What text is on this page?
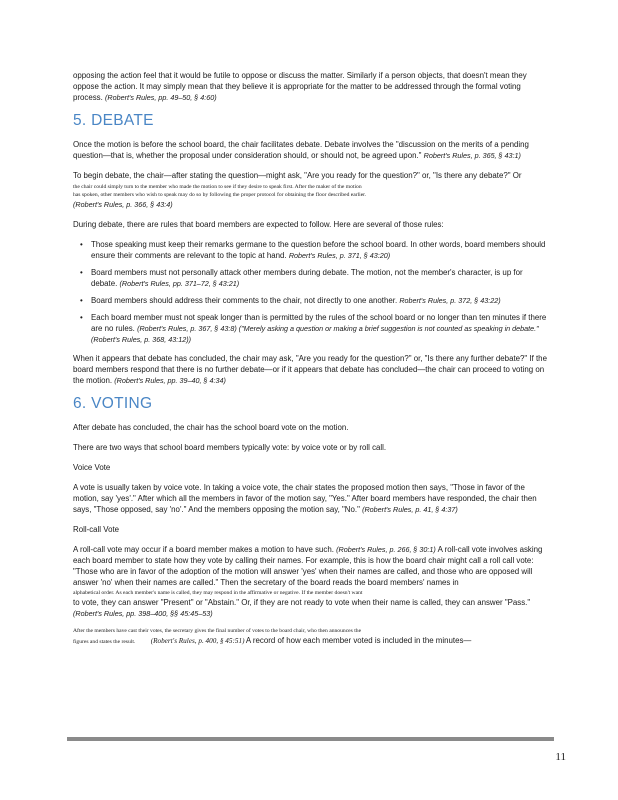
opposing the action feel that it would be futile to oppose or discuss the matter. Similarly if a person objects, that doesn't mean they oppose the action. It may simply mean that they believe it is appropriate for the matter to be addressed through the formal voting process. (Robert's Rules, pp. 49–50, § 4:60)

5. DEBATE

Once the motion is before the school board, the chair facilitates debate. Debate involves the "discussion on the merits of a pending question—that is, whether the proposal under consideration should, or should not, be agreed upon." Robert's Rules, p. 365, § 43:1)

To begin debate, the chair—after stating the question—might ask, "Are you ready for the question?" or, "Is there any debate?" Or

the chair could simply turn to the member who made the motion to see if they desire to speak first. After the maker of the motion

has spoken, other members who wish to speak may do so by following the proper protocol for obtaining the floor described earlier.

(Robert's Rules, p. 366, § 43:4)

During debate, there are rules that board members are expected to follow. Here are several of those rules:

• Those speaking must keep their remarks germane to the question before the school board. In other words, board members should ensure their comments are relevant to the topic at hand. Robert's Rules, p. 371, § 43:20)
• Board members must not personally attack other members during debate. The motion, not the member's character, is up for debate. (Robert's Rules, pp. 371–72, § 43:21)
• Board members should address their comments to the chair, not directly to one another. Robert's Rules, p. 372, § 43:22)
• Each board member must not speak longer than is permitted by the rules of the school board or no longer than ten minutes if there are no rules. (Robert's Rules, p. 367, § 43:8) ("Merely asking a question or making a brief suggestion is not counted as speaking in debate." (Robert's Rules, p. 368, 43:12))

When it appears that debate has concluded, the chair may ask, "Are you ready for the question?" or, "Is there any further debate?" If the board members respond that there is no further debate—or if it appears that debate has concluded—the chair can proceed to voting on the motion. (Robert's Rules, pp. 39–40, § 4:34)

6. VOTING

After debate has concluded, the chair has the school board vote on the motion.

There are two ways that school board members typically vote: by voice vote or by roll call.

Voice Vote

A vote is usually taken by voice vote. In taking a voice vote, the chair states the proposed motion then says, "Those in favor of the motion, say 'yes'." After which all the members in favor of the motion say, "Yes." After board members have responded, the chair then says, "Those opposed, say 'no'." And the members opposing the motion say, "No." (Robert's Rules, p. 41, § 4:37)

Roll-call Vote

A roll-call vote may occur if a board member makes a motion to have such. (Robert's Rules, p. 266, § 30:1) A roll-call vote involves asking each board member to state how they vote by calling their names. For example, this is how the board chair might call a roll call vote: "Those who are in favor of the adoption of the motion will answer 'yes' when their names are called, and those who are opposed will answer 'no' when their names are called." Then the secretary of the board reads the board members' names in

alphabetical order. As each member's name is called, they may respond in the affirmative or negative. If the member doesn't want

to vote, they can answer "Present" or "Abstain." Or, if they are not ready to vote when their name is called, they can answer "Pass." (Robert's Rules, pp. 398–400, §§ 45:45–53)

After the members have cast their votes, the secretary gives the final number of votes to the board chair, who then announces the

figures and states the result. (Robert's Rules, p. 400, § 45:51) A record of how each member voted is included in the minutes—

11
